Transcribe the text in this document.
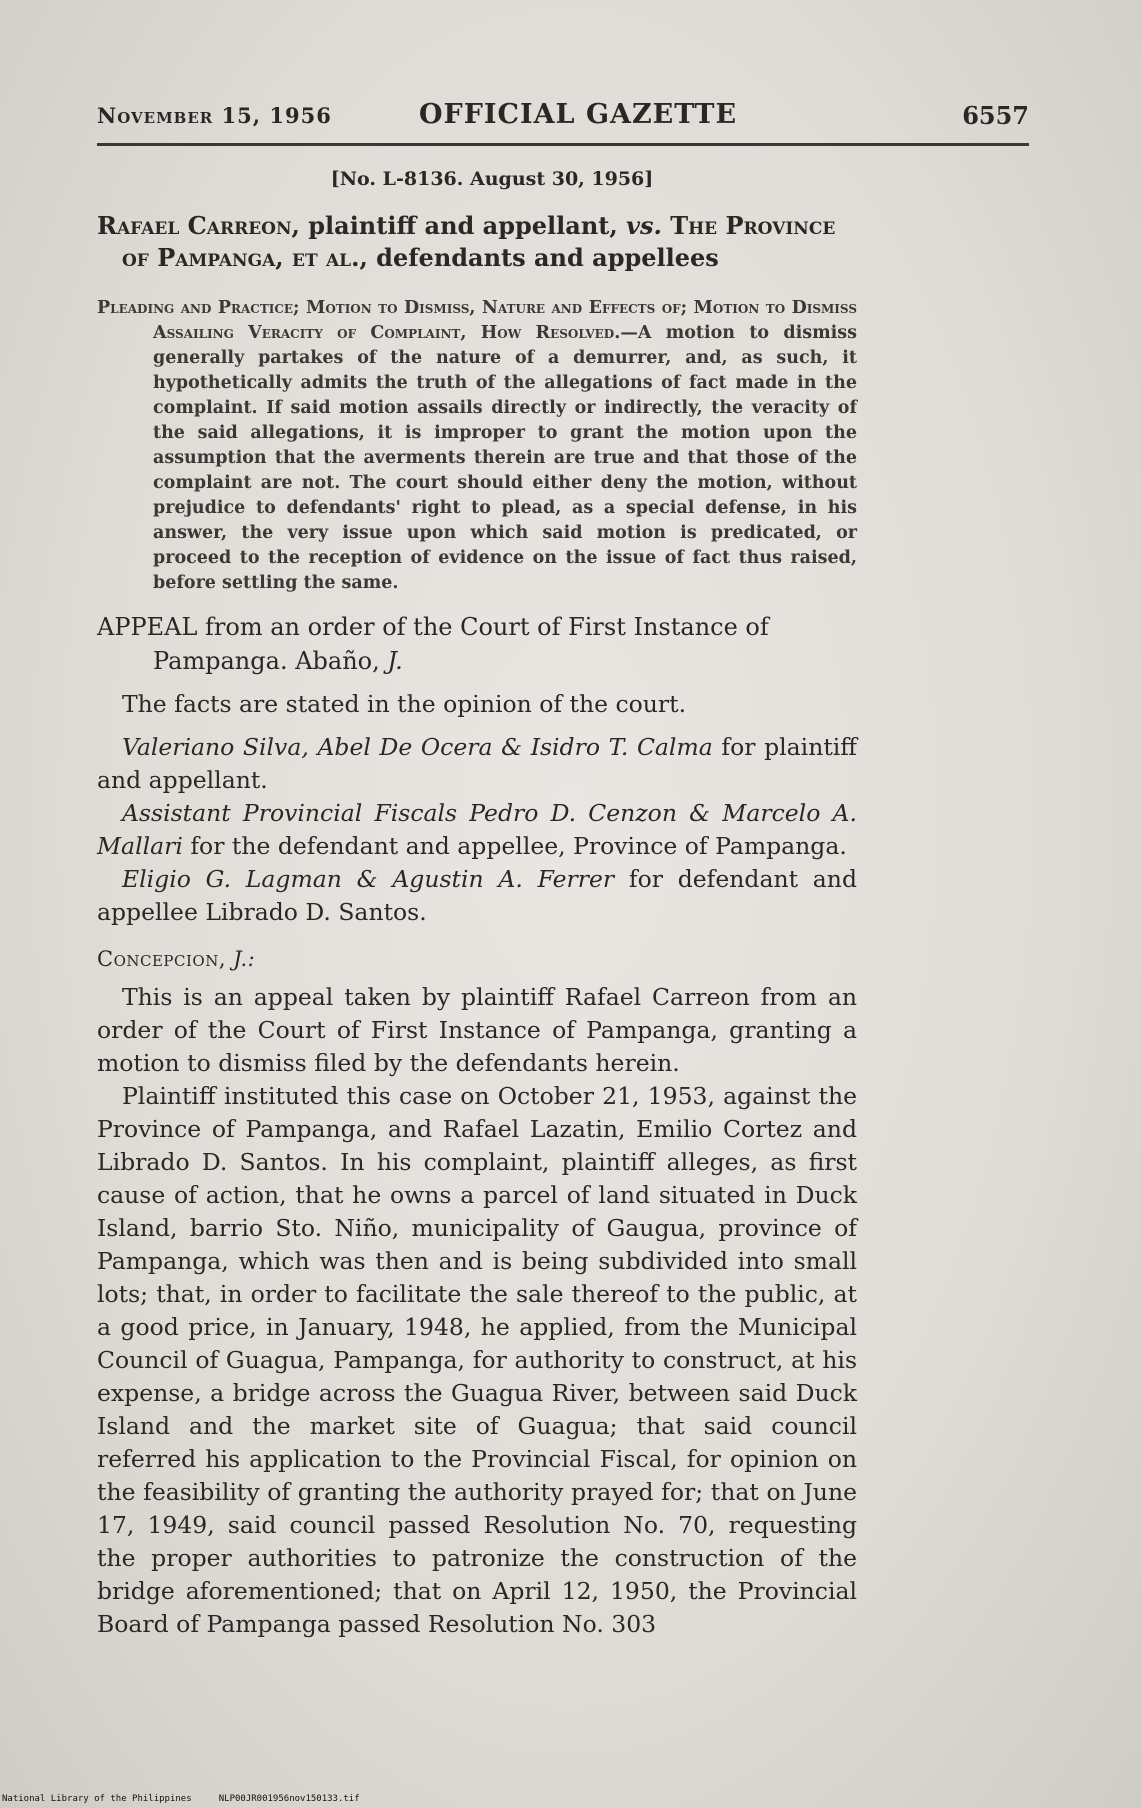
November 15, 1956	OFFICIAL GAZETTE	6557
[No. L-8136. August 30, 1956]
Rafael Carreon, plaintiff and appellant, vs. The Province of Pampanga, et al., defendants and appellees
Pleading and Practice; Motion to Dismiss, Nature and Effects of; Motion to Dismiss Assailing Veracity of Complaint, How Resolved.—A motion to dismiss generally partakes of the nature of a demurrer, and, as such, it hypothetically admits the truth of the allegations of fact made in the complaint. If said motion assails directly or indirectly, the veracity of the said allegations, it is improper to grant the motion upon the assumption that the averments therein are true and that those of the complaint are not. The court should either deny the motion, without prejudice to defendants' right to plead, as a special defense, in his answer, the very issue upon which said motion is predicated, or proceed to the reception of evidence on the issue of fact thus raised, before settling the same.
APPEAL from an order of the Court of First Instance of Pampanga. Abaño, J.

The facts are stated in the opinion of the court.

Valeriano Silva, Abel De Ocera & Isidro T. Calma for plaintiff and appellant.

Assistant Provincial Fiscals Pedro D. Cenzon & Marcelo A. Mallari for the defendant and appellee, Province of Pampanga.

Eligio G. Lagman & Agustin A. Ferrer for defendant and appellee Librado D. Santos.

Concepcion, J.:

This is an appeal taken by plaintiff Rafael Carreon from an order of the Court of First Instance of Pampanga, granting a motion to dismiss filed by the defendants herein.

Plaintiff instituted this case on October 21, 1953, against the Province of Pampanga, and Rafael Lazatin, Emilio Cortez and Librado D. Santos. In his complaint, plaintiff alleges, as first cause of action, that he owns a parcel of land situated in Duck Island, barrio Sto. Niño, municipality of Gaugua, province of Pampanga, which was then and is being subdivided into small lots; that, in order to facilitate the sale thereof to the public, at a good price, in January, 1948, he applied, from the Municipal Council of Guagua, Pampanga, for authority to construct, at his expense, a bridge across the Guagua River, between said Duck Island and the market site of Guagua; that said council referred his application to the Provincial Fiscal, for opinion on the feasibility of granting the authority prayed for; that on June 17, 1949, said council passed Resolution No. 70, requesting the proper authorities to patronize the construction of the bridge aforementioned; that on April 12, 1950, the Provincial Board of Pampanga passed Resolution No. 303

National Library of the Philippines	NLP00JR001956nov150133.tif
